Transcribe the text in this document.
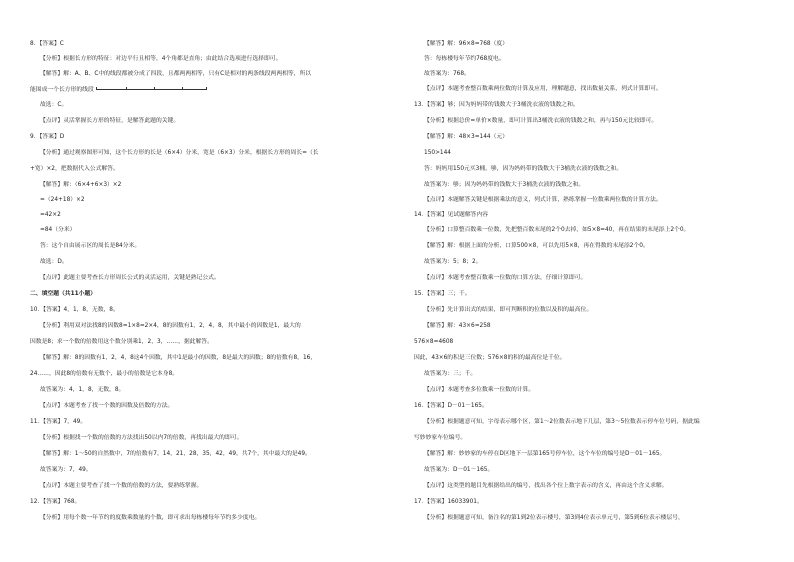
8．【答案】C
【分析】根据长方形的特征：对边平行且相等，4个角都是直角；由此结合选项进行选择即可。
【解答】解：A、B、C中的线段都被分成了四段，且都两两相等，只有C是相对的两条线段两两相等，所以
能围成一个长方形的线段
故选：C。
【点评】灵活掌握长方形的特征，是解答此题的关键。
9．【答案】D
【分析】通过观察图形可知，这个长方形的长是（6×4）分米，宽是（6×3）分米，根据长方形的周长=（长
+宽）×2，把数据代入公式解答。
【解答】解：（6×4+6×3）×2
=（24+18）×2
=42×2
=84（分米）
答：这个自由展示区的周长是84分米。
故选：D。
【点评】此题主要考查长方形周长公式的灵活运用，关键是熟记公式。
二、填空题（共11小题）
10．【答案】4，1，8，无数，8。
【分析】利用双对法找8的因数8=1×8=2×4，8的因数有1，2，4，8，其中最小的因数是1，最大的
因数是8；求一个数的倍数用这个数分别乘1，2，3，……，据此解答。
【解答】解：8的因数有1，2，4，8这4个因数，其中1是最小的因数，8是最大的因数；8的倍数有8，16，
24……，因此8的倍数有无数个，最小的倍数是它本身8。
故答案为：4，1，8，无数，8。
【点评】本题考查了找一个数的因数及倍数的方法。
11．【答案】7，49。
【分析】根据找一个数的倍数的方法找出50以内7的倍数，再找出最大的即可。
【解答】解：1～50的自然数中，7的倍数有7，14，21，28，35，42，49，共7个，其中最大的是49。
故答案为：7，49。
【点评】本题主要考查了找一个数的倍数的方法，要熟练掌握。
12．【答案】768。
【分析】用每个数一年节约的度数乘数量的个数，即可求出每栋楼每年节约多少度电。
【解答】解：96×8=768（度）
答：每栋楼每年节约768度电。
故答案为：768。
【点评】本题考查整百数乘两位数的计算及应用，理解题意，找出数量关系，列式计算即可。
13．【答案】够；因为妈妈带的钱数大于3桶洗衣液的钱数之和。
【分析】根据总价=单价×数量，即可计算出3桶洗衣液的钱数之和，再与150元比较即可。
【解答】解：48×3=144（元）
150>144
答：妈妈用150元买3桶，够，因为妈妈带的钱数大于3桶洗衣液的钱数之和。
故答案为：够；因为妈妈带的钱数大于3桶洗衣液的钱数之和。
【点评】本题解答关键是根据乘法的意义，列式计算，熟练掌握一位数乘两位数的计算方法。
14．【答案】见试题解答内容
【分析】口算整百数乘一位数，先把整百数末尾的2个0去掉，如5×8=40，再在结果的末尾添上2个0。
【解答】解：根据上面的分析，口算500×8，可以先用5×8，再在得数的末尾添2个0。
故答案为：5；8；2。
【点评】本题考查整百数乘一位数的口算方法，仔细计算即可。
15．【答案】三；千。
【分析】先计算出式的结果，即可判断积的位数以及积的最高位。
【解答】解：43×6=258
576×8=4608
因此，43×6的积是三位数；576×8的积的最高位是千位。
故答案为：三；千。
【点评】本题考查多位数乘一位数的计算。
16．【答案】D－01－165。
【分析】根据题意可知，字母表示哪个区，第1～2位数表示地下几层，第3～5位数表示停车位号码，据此编
写妙妙家车位编号。
【解答】解：妙妙家的车停在D区地下一层第165号停车位，这个车位的编号是D－01－165。
故答案为：D－01－165。
【点评】这类型的题目先根据给出的编号，找出各个位上数字表示的含义，再由这个含义求解。
17．【答案】16033901。
【分析】根据题意可知，备注名的第1到2位表示楼号，第3到4位表示单元号，第5到6位表示楼层号，
